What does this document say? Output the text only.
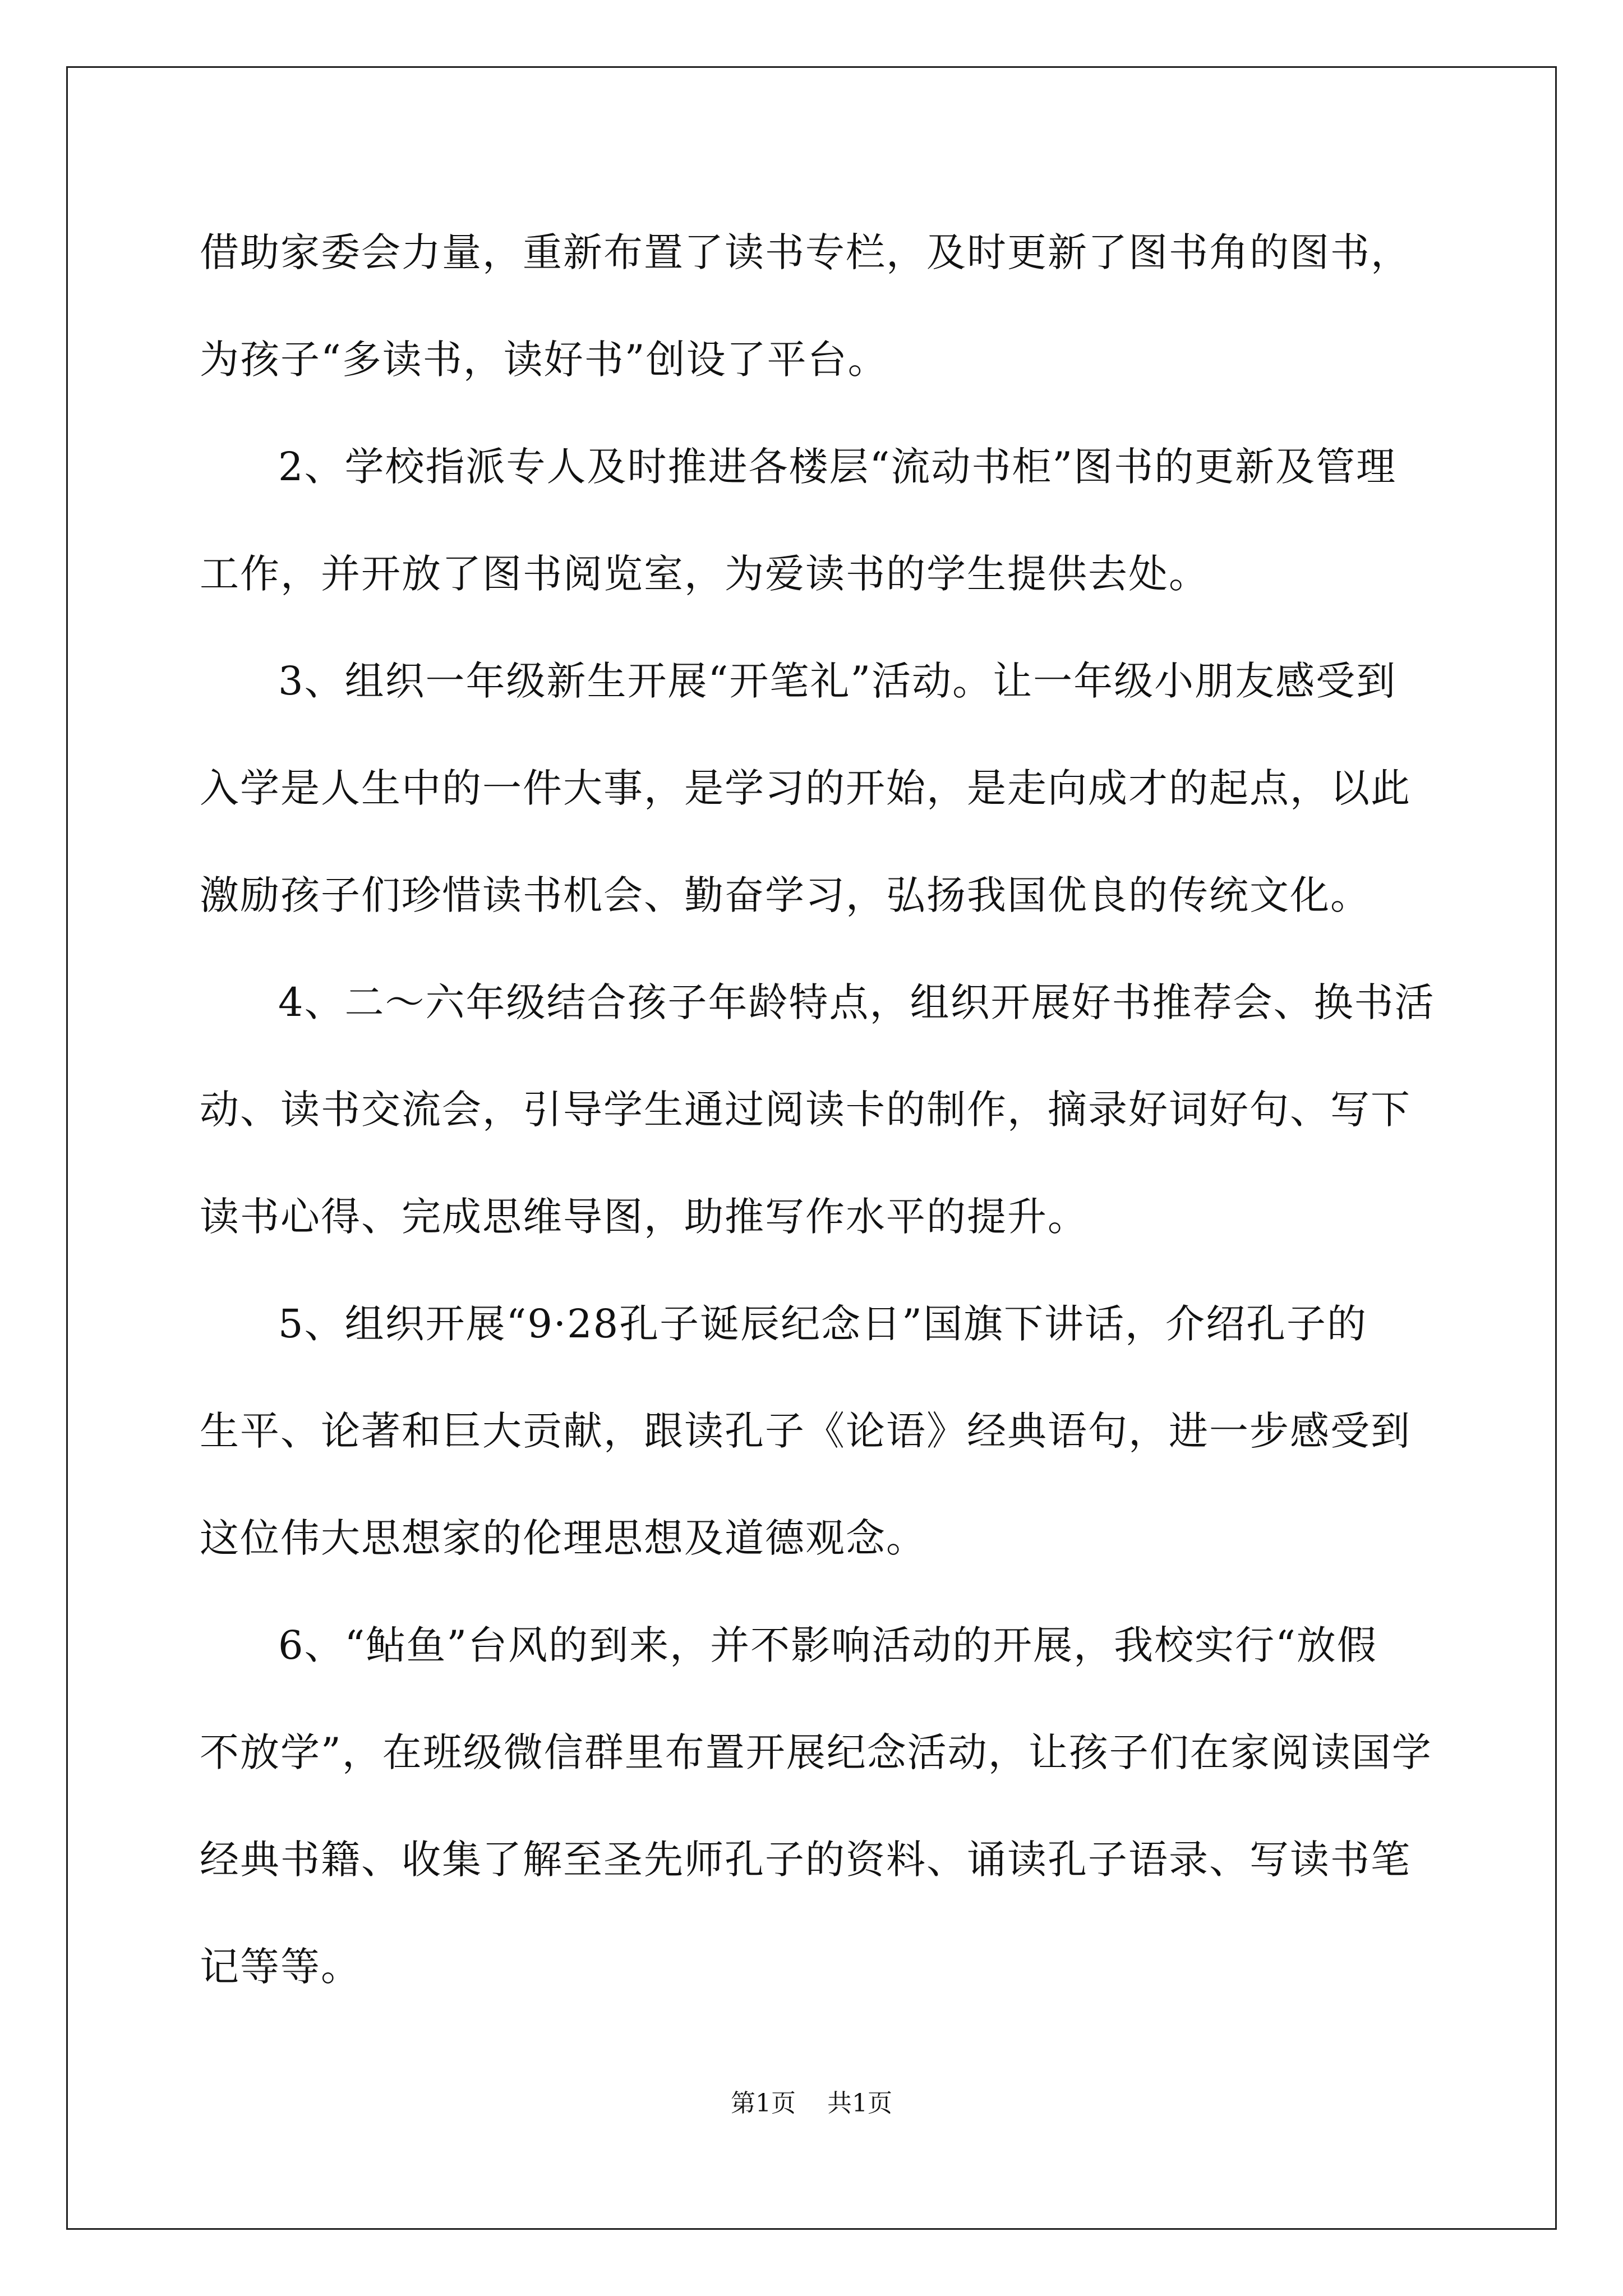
借助家委会力量，重新布置了读书专栏，及时更新了图书角的图书，
为孩子“多读书，读好书”创设了平台。
2、学校指派专人及时推进各楼层“流动书柜”图书的更新及管理
工作，并开放了图书阅览室，为爱读书的学生提供去处。
3、组织一年级新生开展“开笔礼”活动。让一年级小朋友感受到
入学是人生中的一件大事，是学习的开始，是走向成才的起点，以此
激励孩子们珍惜读书机会、勤奋学习，弘扬我国优良的传统文化。
4、二～六年级结合孩子年龄特点，组织开展好书推荐会、换书活
动、读书交流会，引导学生通过阅读卡的制作，摘录好词好句、写下
读书心得、完成思维导图，助推写作水平的提升。
5、组织开展“9·28孔子诞辰纪念日”国旗下讲话，介绍孔子的
生平、论著和巨大贡献，跟读孔子《论语》经典语句，进一步感受到
这位伟大思想家的伦理思想及道德观念。
6、“鲇鱼”台风的到来，并不影响活动的开展，我校实行“放假
不放学”，在班级微信群里布置开展纪念活动，让孩子们在家阅读国学
经典书籍、收集了解至圣先师孔子的资料、诵读孔子语录、写读书笔
记等等。
第1页 共1页
